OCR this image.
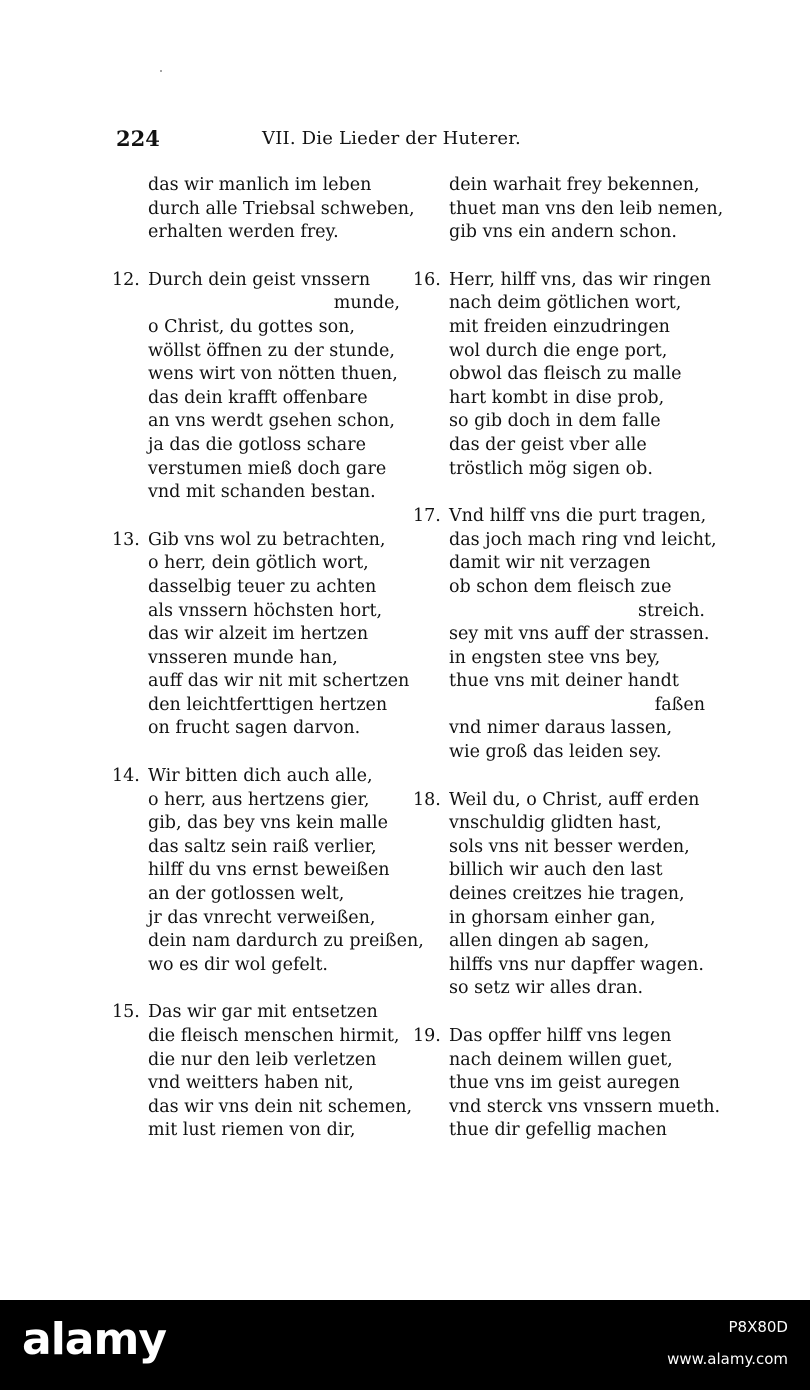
224	VII. Die Lieder der Huterer.
das wir manlich im leben
durch alle Triebsal schweben,
erhalten werden frey.
12. Durch dein geist vnssern
munde,
o Christ, du gottes son,
wöllst öffnen zu der stunde,
wens wirt von nötten thuen,
das dein krafft offenbare
an vns werdt gsehen schon,
ja das die gotloss schare
verstumen mieß doch gare
vnd mit schanden bestan.
13. Gib vns wol zu betrachten,
o herr, dein götlich wort,
dasselbig teuer zu achten
als vnssern höchsten hort,
das wir alzeit im hertzen
vnsseren munde han,
auff das wir nit mit schertzen
den leichtferttigen hertzen
on frucht sagen darvon.
14. Wir bitten dich auch alle,
o herr, aus hertzens gier,
gib, das bey vns kein malle
das saltz sein raiß verlier,
hilff du vns ernst beweißen
an der gotlossen welt,
jr das vnrecht verweißen,
dein nam dardurch zu preißen,
wo es dir wol gefelt.
15. Das wir gar mit entsetzen
die fleisch menschen hirmit,
die nur den leib verletzen
vnd weitters haben nit,
das wir vns dein nit schemen,
mit lust riemen von dir,
dein warhait frey bekennen,
thuet man vns den leib nemen,
gib vns ein andern schon.
16. Herr, hilff vns, das wir ringen
nach deim götlichen wort,
mit freiden einzudringen
wol durch die enge port,
obwol das fleisch zu malle
hart kombt in dise prob,
so gib doch in dem falle
das der geist vber alle
tröstlich mög sigen ob.
17. Vnd hilff vns die purt tragen,
das joch mach ring vnd leicht,
damit wir nit verzagen
ob schon dem fleisch zue
streich.
sey mit vns auff der strassen.
in engsten stee vns bey,
thue vns mit deiner handt
faßen
vnd nimer daraus lassen,
wie groß das leiden sey.
18. Weil du, o Christ, auff erden
vnschuldig glidten hast,
sols vns nit besser werden,
billich wir auch den last
deines creitzes hie tragen,
in ghorsam einher gan,
allen dingen ab sagen,
hilffs vns nur dapffer wagen.
so setz wir alles dran.
19. Das opffer hilff vns legen
nach deinem willen guet,
thue vns im geist auregen
vnd sterck vns vnssern mueth.
thue dir gefellig machen
alamy	P8X80D
www.alamy.com
